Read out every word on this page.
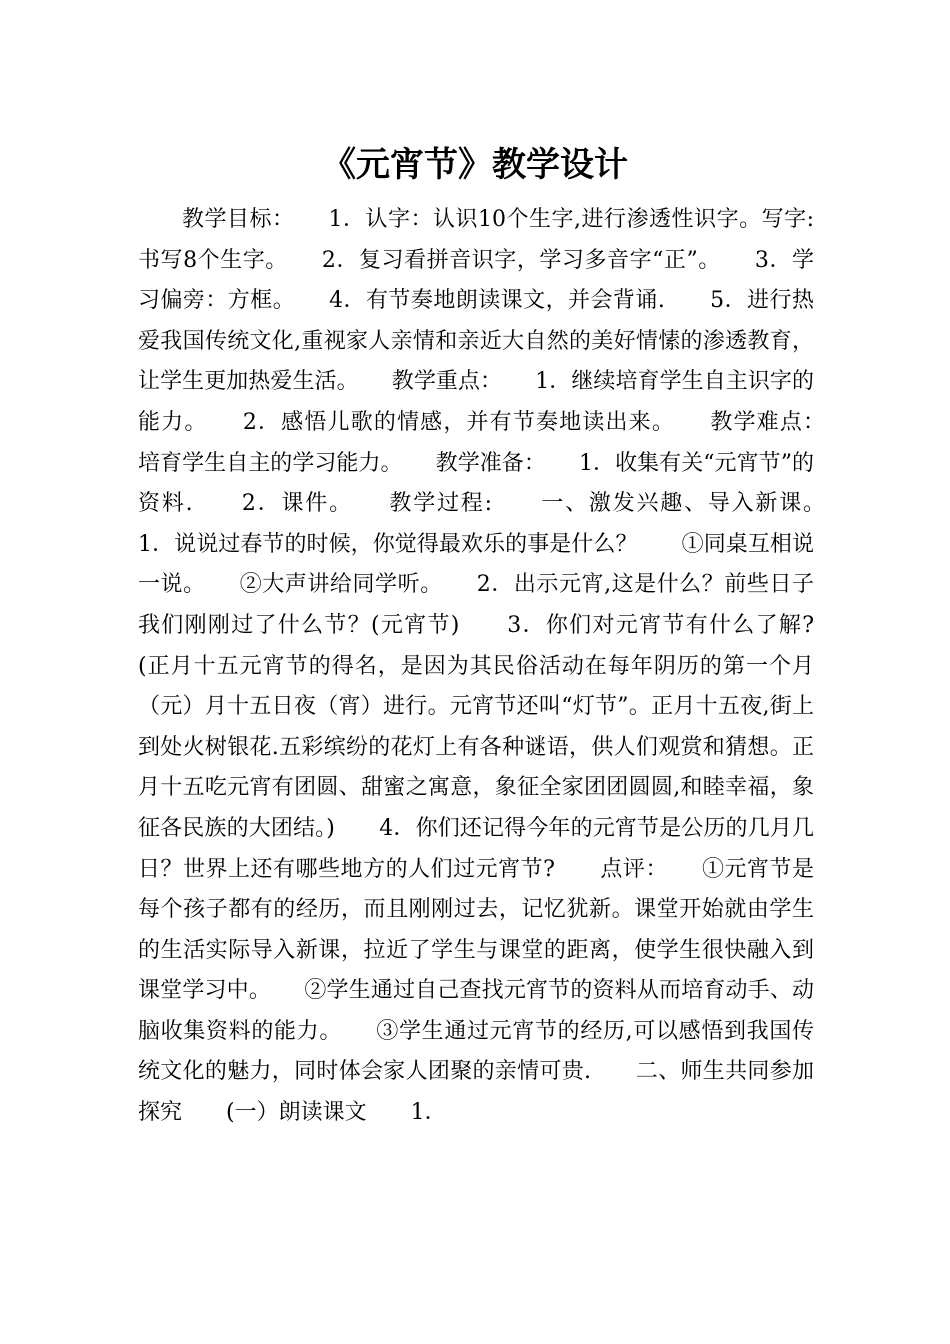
《元宵节》教学设计

教学目标：　　1．认字：认识10个生字,进行渗透性识字。写字:书写8个生字。　　2．复习看拼音识字，学习多音字“正”。　　3．学习偏旁：方框。　　4．有节奏地朗读课文，并会背诵.　　5．进行热爱我国传统文化,重视家人亲情和亲近大自然的美好情愫的渗透教育，让学生更加热爱生活。　　教学重点：　　1．继续培育学生自主识字的能力。　　2．感悟儿歌的情感，并有节奏地读出来。　　教学难点：　　培育学生自主的学习能力。　　教学准备：　　1．收集有关“元宵节”的资料.　　2．课件。　　教学过程:　　一、激发兴趣、导入新课。　　1．说说过春节的时候，你觉得最欢乐的事是什么？　　①同桌互相说一说。　　②大声讲给同学听。　　2．出示元宵,这是什么？前些日子我们刚刚过了什么节？(元宵节)　　3．你们对元宵节有什么了解?　　(正月十五元宵节的得名，是因为其民俗活动在每年阴历的第一个月（元）月十五日夜（宵）进行。元宵节还叫“灯节”。正月十五夜,街上到处火树银花.五彩缤纷的花灯上有各种谜语，供人们观赏和猜想。正月十五吃元宵有团圆、甜蜜之寓意，象征全家团团圆圆,和睦幸福，象征各民族的大团结。)　　4．你们还记得今年的元宵节是公历的几月几日？世界上还有哪些地方的人们过元宵节?　　点评：　　①元宵节是每个孩子都有的经历，而且刚刚过去，记忆犹新。课堂开始就由学生的生活实际导入新课，拉近了学生与课堂的距离，使学生很快融入到课堂学习中。　　②学生通过自己查找元宵节的资料从而培育动手、动脑收集资料的能力。　　③学生通过元宵节的经历,可以感悟到我国传统文化的魅力，同时体会家人团聚的亲情可贵.　　二、师生共同参加探究　　(一）朗读课文　　1．
